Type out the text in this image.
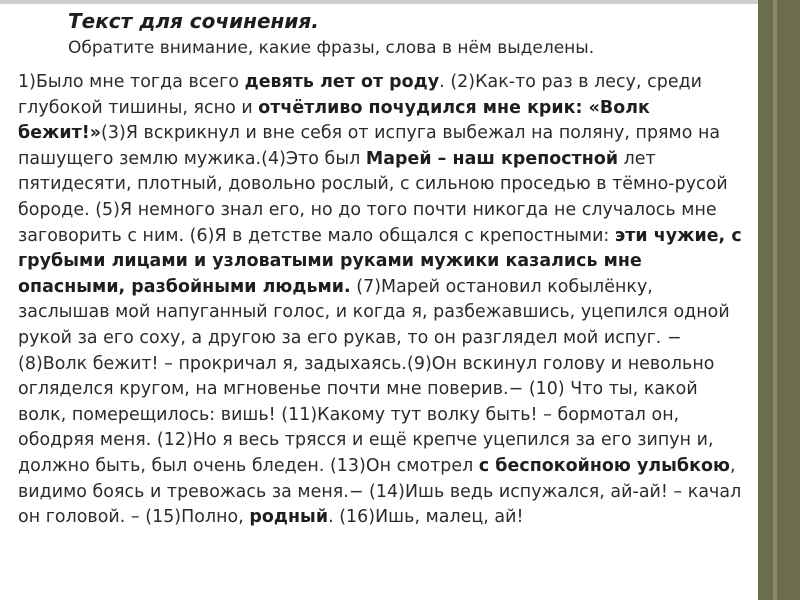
Текст для сочинения.
Обратите внимание, какие фразы, слова в нём выделены.
1)Было мне тогда всего девять лет от роду. (2)Как-то раз в лесу, среди глубокой тишины, ясно и отчётливо почудился мне крик: «Волк бежит!»(3)Я вскрикнул и вне себя от испуга выбежал на поляну, прямо на пашущего землю мужика.(4)Это был Марей – наш крепостной лет пятидесяти, плотный, довольно рослый, с сильною проседью в тёмно-русой бороде. (5)Я немного знал его, но до того почти никогда не случалось мне заговорить с ним. (6)Я в детстве мало общался с крепостными: эти чужие, с грубыми лицами и узловатыми руками мужики казались мне опасными, разбойными людьми. (7)Марей остановил кобылёнку, заслышав мой напуганный голос, и когда я, разбежавшись, уцепился одной рукой за его соху, а другою за его рукав, то он разглядел мой испуг. − (8)Волк бежит! – прокричал я, задыхаясь.(9)Он вскинул голову и невольно огляделся кругом, на мгновенье почти мне поверив.− (10) Что ты, какой волк, померещилось: вишь! (11)Какому тут волку быть! – бормотал он, ободряя меня. (12)Но я весь трясся и ещё крепче уцепился за его зипун и, должно быть, был очень бледен. (13)Он смотрел с беспокойною улыбкою, видимо боясь и тревожась за меня.− (14)Ишь ведь испужался, ай-ай! – качал он головой. – (15)Полно, родный. (16)Ишь, малец, ай!
